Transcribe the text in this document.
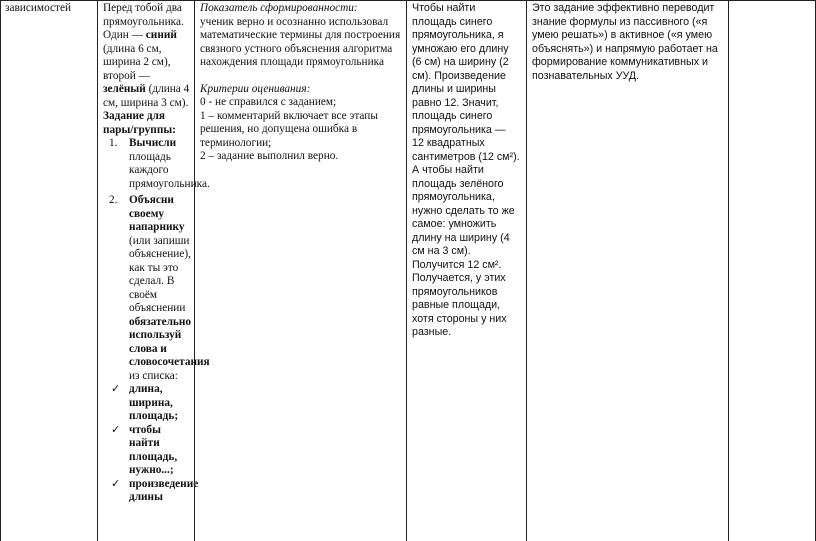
зависимостей	Перед тобой два прямоугольника. Один — синий (длина 6 см, ширина 2 см), второй — зелёный (длина 4 см, ширина 3 см).

Задание для пары/группы:

1. Вычисли площадь каждого прямоугольника.
2. Объясни своему напарнику (или запиши объяснение), как ты это сделал. В своём объяснении обязательно используй слова и словосочетания из списка:
✓ длина, ширина, площадь;
✓ чтобы найти площадь, нужно...;
✓ произведение длины

Показатель сформированности:

ученик верно и осознанно использовал математические термины для построения связного устного объяснения алгоритма нахождения площади прямоугольника

Критерии оценивания:

0 - не справился с заданием;

1 – комментарий включает все этапы решения, но допущена ошибка в терминологии;

2 – задание выполнил верно.

Чтобы найти площадь синего прямоугольника, я умножаю его длину (6 см) на ширину (2 см). Произведение длины и ширины равно 12. Значит, площадь синего прямоугольника — 12 квадратных сантиметров (12 см²). А чтобы найти площадь зелёного прямоугольника, нужно сделать то же самое: умножить длину на ширину (4 см на 3 см). Получится 12 см². Получается, у этих прямоугольников равные площади, хотя стороны у них разные.

Это задание эффективно переводит знание формулы из пассивного («я умею решать») в активное («я умею объяснять») и напрямую работает на формирование коммуникативных и познавательных УУД.
